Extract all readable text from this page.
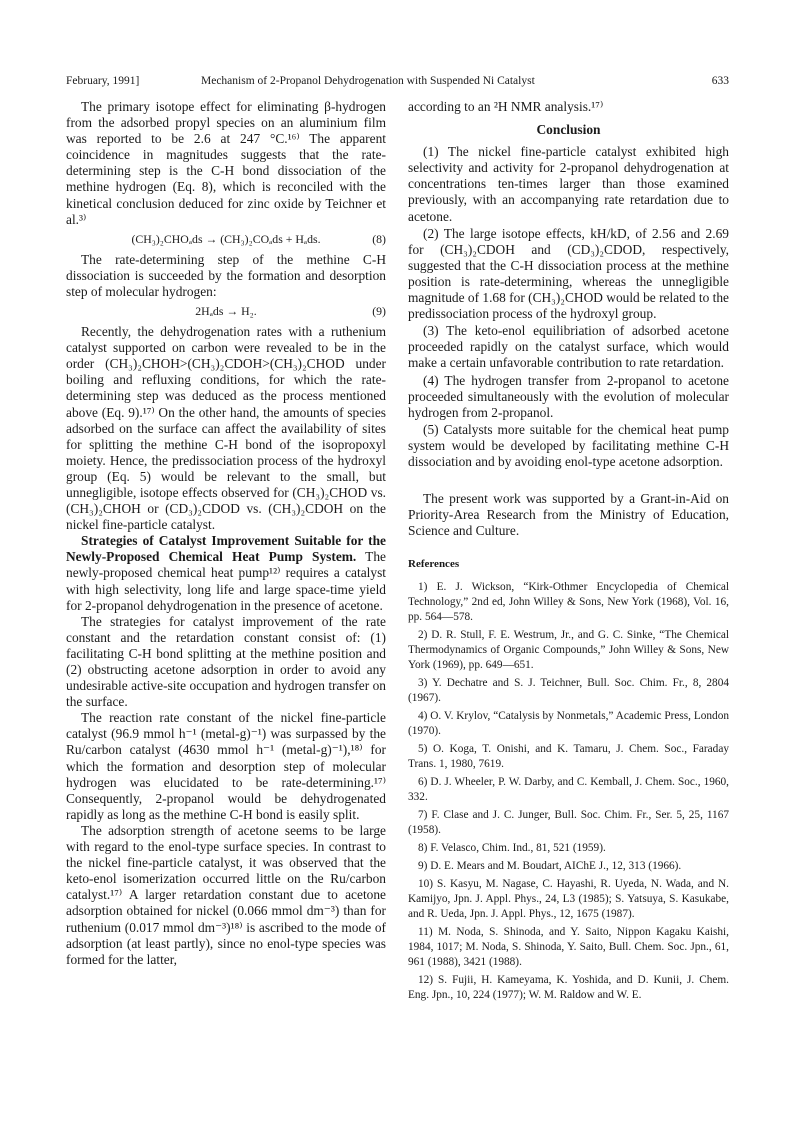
February, 1991]	Mechanism of 2-Propanol Dehydrogenation with Suspended Ni Catalyst	633

The primary isotope effect for eliminating β-hydrogen from the adsorbed propyl species on an aluminium film was reported to be 2.6 at 247 °C.¹⁶⁾ The apparent coincidence in magnitudes suggests that the rate-determining step is the C-H bond dissociation of the methine hydrogen (Eq. 8), which is reconciled with the kinetical conclusion deduced for zinc oxide by Teichner et al.³⁾

(CH₃)₂CHOₐds → (CH₃)₂COₐds + Hₐds.	(8)

The rate-determining step of the methine C-H dissociation is succeeded by the formation and desorption step of molecular hydrogen:

2Hₐds → H₂.	(9)

Recently, the dehydrogenation rates with a ruthenium catalyst supported on carbon were revealed to be in the order (CH₃)₂CHOH>(CH₃)₂CDOH>(CH₃)₂CHOD under boiling and refluxing conditions, for which the rate-determining step was deduced as the process mentioned above (Eq. 9).¹⁷⁾ On the other hand, the amounts of species adsorbed on the surface can affect the availability of sites for splitting the methine C-H bond of the isopropoxyl moiety. Hence, the predissociation process of the hydroxyl group (Eq. 5) would be relevant to the small, but unnegligible, isotope effects observed for (CH₃)₂CHOD vs. (CH₃)₂CHOH or (CD₃)₂CDOD vs. (CH₃)₂CDOH on the nickel fine-particle catalyst.

Strategies of Catalyst Improvement Suitable for the Newly-Proposed Chemical Heat Pump System. The newly-proposed chemical heat pump¹²⁾ requires a catalyst with high selectivity, long life and large space-time yield for 2-propanol dehydrogenation in the presence of acetone.

The strategies for catalyst improvement of the rate constant and the retardation constant consist of: (1) facilitating C-H bond splitting at the methine position and (2) obstructing acetone adsorption in order to avoid any undesirable active-site occupation and hydrogen transfer on the surface.

The reaction rate constant of the nickel fine-particle catalyst (96.9 mmol h⁻¹ (metal-g)⁻¹) was surpassed by the Ru/carbon catalyst (4630 mmol h⁻¹ (metal-g)⁻¹),¹⁸⁾ for which the formation and desorption step of molecular hydrogen was elucidated to be rate-determining.¹⁷⁾ Consequently, 2-propanol would be dehydrogenated rapidly as long as the methine C-H bond is easily split.

The adsorption strength of acetone seems to be large with regard to the enol-type surface species. In contrast to the nickel fine-particle catalyst, it was observed that the keto-enol isomerization occurred little on the Ru/carbon catalyst.¹⁷⁾ A larger retardation constant due to acetone adsorption obtained for nickel (0.066 mmol dm⁻³) than for ruthenium (0.017 mmol dm⁻³)¹⁸⁾ is ascribed to the mode of adsorption (at least partly), since no enol-type species was formed for the latter,

according to an ²H NMR analysis.¹⁷⁾

Conclusion

(1) The nickel fine-particle catalyst exhibited high selectivity and activity for 2-propanol dehydrogenation at concentrations ten-times larger than those examined previously, with an accompanying rate retardation due to acetone.

(2) The large isotope effects, kH/kD, of 2.56 and 2.69 for (CH₃)₂CDOH and (CD₃)₂CDOD, respectively, suggested that the C-H dissociation process at the methine position is rate-determining, whereas the unnegligible magnitude of 1.68 for (CH₃)₂CHOD would be related to the predissociation process of the hydroxyl group.

(3) The keto-enol equilibriation of adsorbed acetone proceeded rapidly on the catalyst surface, which would make a certain unfavorable contribution to rate retardation.

(4) The hydrogen transfer from 2-propanol to acetone proceeded simultaneously with the evolution of molecular hydrogen from 2-propanol.

(5) Catalysts more suitable for the chemical heat pump system would be developed by facilitating methine C-H dissociation and by avoiding enol-type acetone adsorption.

The present work was supported by a Grant-in-Aid on Priority-Area Research from the Ministry of Education, Science and Culture.

References

1) E. J. Wickson, “Kirk-Othmer Encyclopedia of Chemical Technology,” 2nd ed, John Willey & Sons, New York (1968), Vol. 16, pp. 564—578.

2) D. R. Stull, F. E. Westrum, Jr., and G. C. Sinke, “The Chemical Thermodynamics of Organic Compounds,” John Willey & Sons, New York (1969), pp. 649—651.

3) Y. Dechatre and S. J. Teichner, Bull. Soc. Chim. Fr., 8, 2804 (1967).

4) O. V. Krylov, “Catalysis by Nonmetals,” Academic Press, London (1970).

5) O. Koga, T. Onishi, and K. Tamaru, J. Chem. Soc., Faraday Trans. 1, 1980, 7619.

6) D. J. Wheeler, P. W. Darby, and C. Kemball, J. Chem. Soc., 1960, 332.

7) F. Clase and J. C. Junger, Bull. Soc. Chim. Fr., Ser. 5, 25, 1167 (1958).

8) F. Velasco, Chim. Ind., 81, 521 (1959).

9) D. E. Mears and M. Boudart, AIChE J., 12, 313 (1966).

10) S. Kasyu, M. Nagase, C. Hayashi, R. Uyeda, N. Wada, and N. Kamijyo, Jpn. J. Appl. Phys., 24, L3 (1985); S. Yatsuya, S. Kasukabe, and R. Ueda, Jpn. J. Appl. Phys., 12, 1675 (1987).

11) M. Noda, S. Shinoda, and Y. Saito, Nippon Kagaku Kaishi, 1984, 1017; M. Noda, S. Shinoda, Y. Saito, Bull. Chem. Soc. Jpn., 61, 961 (1988), 3421 (1988).

12) S. Fujii, H. Kameyama, K. Yoshida, and D. Kunii, J. Chem. Eng. Jpn., 10, 224 (1977); W. M. Raldow and W. E.
